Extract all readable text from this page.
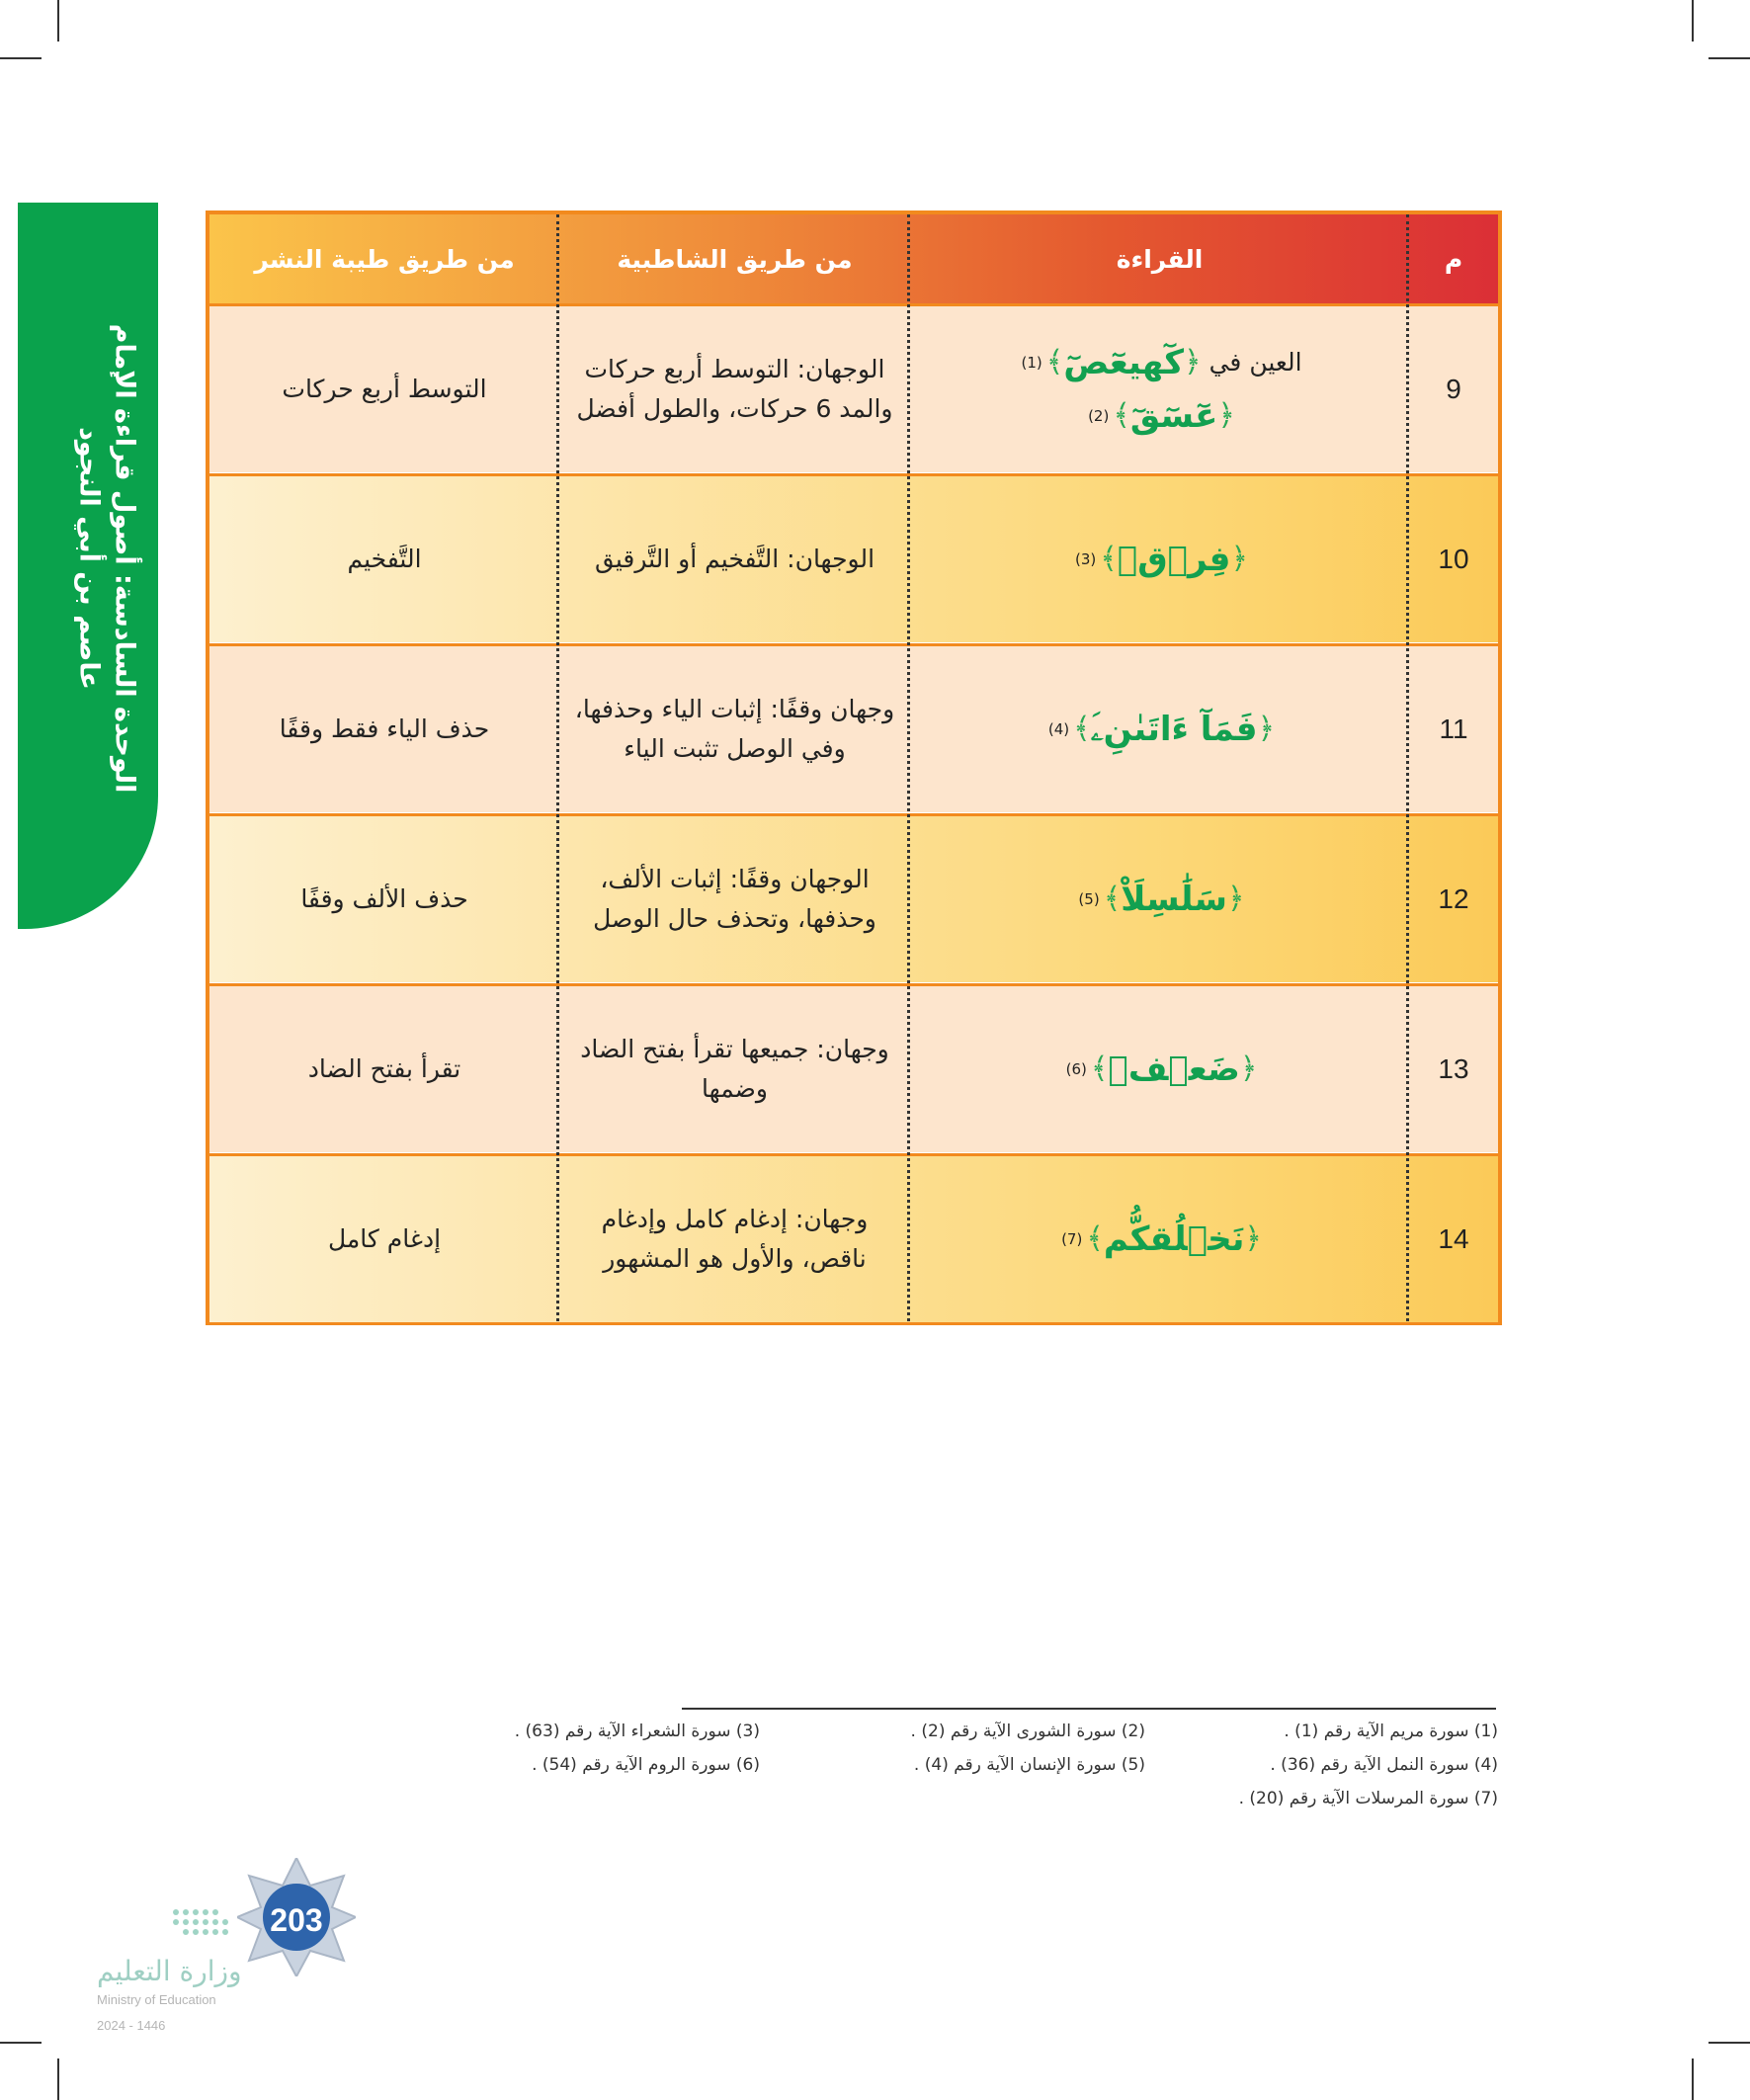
الوحدة السادسة: أصول قراءة الإمام
عاصم بن أبي النجود
م
القراءة
من طريق الشاطبية
من طريق طيبة النشر
9
العين في
﴿
كٓهيعٓصٓ
﴾
(1)
﴿
عٓسٓقٓ
﴾
(2)
الوجهان: التوسط أربع حركات والمد 6 حركات، والطول أفضل
التوسط أربع حركات
10
﴿
فِرۡقٖ
﴾
(3)
الوجهان: التَّفخيم أو التَّرقيق
التَّفخيم
11
﴿
فَمَآ ءَاتَىٰنِۦَ
﴾
(4)
وجهان وقفًا: إثبات الياء وحذفها، وفي الوصل تثبت الياء
حذف الياء فقط وقفًا
12
﴿
سَلَٰسِلَاْ
﴾
(5)
الوجهان وقفًا: إثبات الألف، وحذفها، وتحذف حال الوصل
حذف الألف وقفًا
13
﴿
ضَعۡفٖ
﴾
(6)
وجهان: جميعها تقرأ بفتح الضاد وضمها
تقرأ بفتح الضاد
14
﴿
نَخۡلُقكُّم
﴾
(7)
وجهان: إدغام كامل وإدغام ناقص، والأول هو المشهور
إدغام كامل
(1) سورة مريم الآية رقم (1) .
(2) سورة الشورى الآية رقم (2) .
(3) سورة الشعراء الآية رقم (63) .
(4) سورة النمل الآية رقم (36) .
(5) سورة الإنسان الآية رقم (4) .
(6) سورة الروم الآية رقم (54) .
(7) سورة المرسلات الآية رقم (20) .
203
وزارة التعليم
Ministry of Education
2024 - 1446
